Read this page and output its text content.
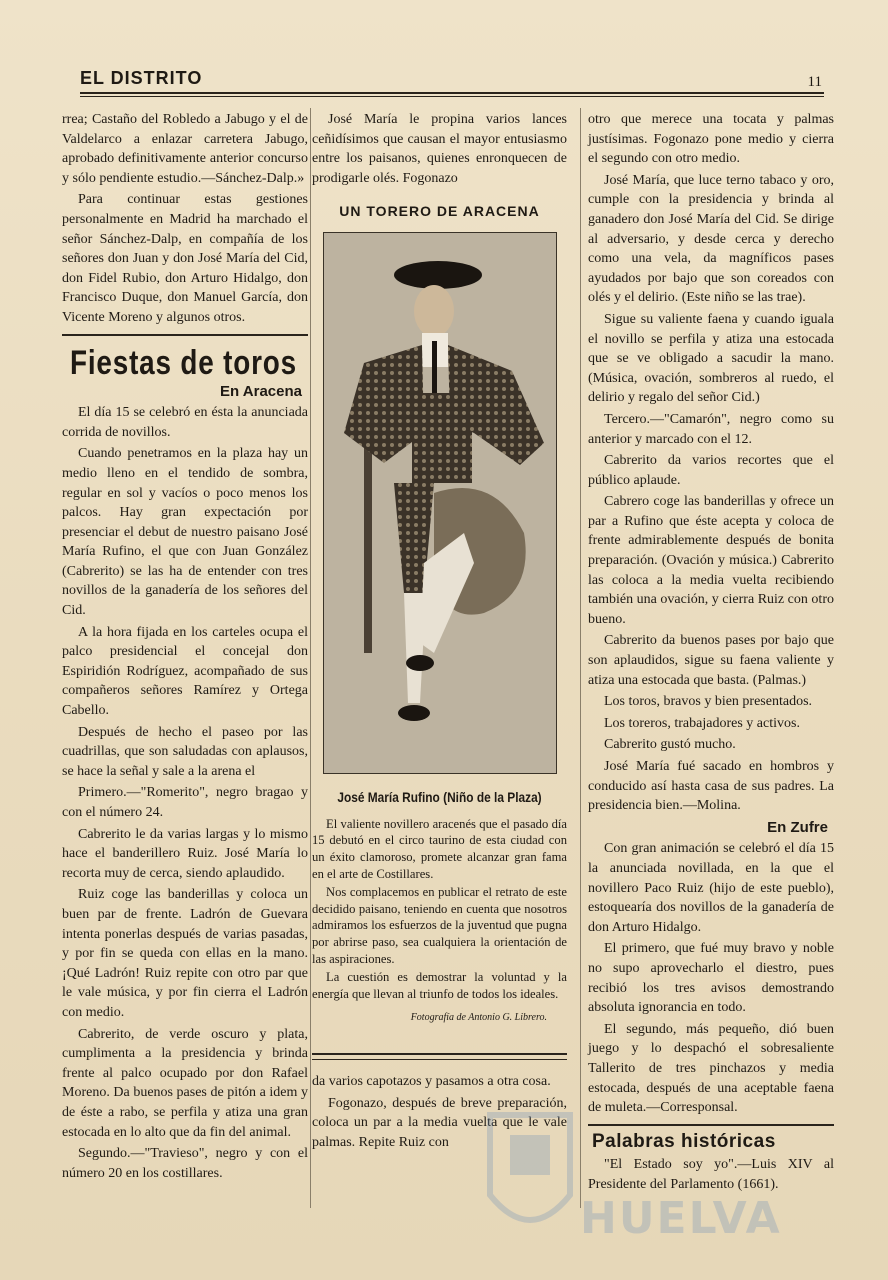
EL DISTRITO	11

rrea; Castaño del Robledo a Jabugo y el de Valdelarco a enlazar carretera Jabugo, aprobado definitivamente anterior concurso y sólo pendiente estudio.—Sánchez-Dalp.»

Para continuar estas gestiones personalmente en Madrid ha marchado el señor Sánchez-Dalp, en compañía de los señores don Juan y don José María del Cid, don Fidel Rubio, don Arturo Hidalgo, don Francisco Duque, don Manuel García, don Vicente Moreno y algunos otros.

Fiestas de toros
En Aracena

El día 15 se celebró en ésta la anunciada corrida de novillos.

Cuando penetramos en la plaza hay un medio lleno en el tendido de sombra, regular en sol y vacíos o poco menos los palcos. Hay gran expectación por presenciar el debut de nuestro paisano José María Rufino, el que con Juan González (Cabrerito) se las ha de entender con tres novillos de la ganadería de los señores del Cid.

A la hora fijada en los carteles ocupa el palco presidencial el concejal don Espiridión Rodríguez, acompañado de sus compañeros señores Ramírez y Ortega Cabello.

Después de hecho el paseo por las cuadrillas, que son saludadas con aplausos, se hace la señal y sale a la arena el

Primero.—"Romerito", negro bragao y con el número 24.

Cabrerito le da varias largas y lo mismo hace el banderillero Ruiz. José María lo recorta muy de cerca, siendo aplaudido.

Ruiz coge las banderillas y coloca un buen par de frente. Ladrón de Guevara intenta ponerlas después de varias pasadas, y por fin se queda con ellas en la mano. ¡Qué Ladrón! Ruiz repite con otro par que le vale música, y por fin cierra el Ladrón con medio.

Cabrerito, de verde oscuro y plata, cumplimenta a la presidencia y brinda frente al palco ocupado por don Rafael Moreno. Da buenos pases de pitón a idem y de éste a rabo, se perfila y atiza una gran estocada en lo alto que da fin del animal.

Segundo.—"Travieso", negro y con el número 20 en los costillares.

José María le propina varios lances ceñidísimos que causan el mayor entusiasmo entre los paisanos, quienes enronquecen de prodigarle olés. Fogonazo

UN TORERO DE ARACENA
José María Rufino (Niño de la Plaza)

El valiente novillero aracenés que el pasado día 15 debutó en el circo taurino de esta ciudad con un éxito clamoroso, promete alcanzar gran fama en el arte de Costillares.

Nos complacemos en publicar el retrato de este decidido paisano, teniendo en cuenta que nosotros admiramos los esfuerzos de la juventud que pugna por abrirse paso, sea cualquiera la orientación de las aspiraciones.

La cuestión es demostrar la voluntad y la energía que llevan al triunfo de todos los ideales.

Fotografía de Antonio G. Librero.

da varios capotazos y pasamos a otra cosa.

Fogonazo, después de breve preparación, coloca un par a la media vuelta que le vale palmas. Repite Ruiz con

otro que merece una tocata y palmas justísimas. Fogonazo pone medio y cierra el segundo con otro medio.

José María, que luce terno tabaco y oro, cumple con la presidencia y brinda al ganadero don José María del Cid. Se dirige al adversario, y desde cerca y derecho como una vela, da magníficos pases ayudados por bajo que son coreados con olés y el delirio. (Este niño se las trae).

Sigue su valiente faena y cuando iguala el novillo se perfila y atiza una estocada que se ve obligado a sacudir la mano. (Música, ovación, sombreros al ruedo, el delirio y regalo del señor Cid.)

Tercero.—"Camarón", negro como su anterior y marcado con el 12.

Cabrerito da varios recortes que el público aplaude.

Cabrero coge las banderillas y ofrece un par a Rufino que éste acepta y coloca de frente admirablemente después de bonita preparación. (Ovación y música.) Cabrerito las coloca a la media vuelta recibiendo también una ovación, y cierra Ruiz con otro bueno.

Cabrerito da buenos pases por bajo que son aplaudidos, sigue su faena valiente y atiza una estocada que basta. (Palmas.)

Los toros, bravos y bien presentados.

Los toreros, trabajadores y activos.

Cabrerito gustó mucho.

José María fué sacado en hombros y conducido así hasta casa de sus padres. La presidencia bien.—Molina.

En Zufre

Con gran animación se celebró el día 15 la anunciada novillada, en la que el novillero Paco Ruiz (hijo de este pueblo), estoquearía dos novillos de la ganadería de don Arturo Hidalgo.

El primero, que fué muy bravo y noble no supo aprovecharlo el diestro, pues recibió los tres avisos demostrando absoluta ignorancia en todo.

El segundo, más pequeño, dió buen juego y lo despachó el sobresaliente Tallerito de tres pinchazos y media estocada, después de una aceptable faena de muleta.—Corresponsal.

Palabras históricas

"El Estado soy yo".—Luis XIV al Presidente del Parlamento (1661).

HUELVA
